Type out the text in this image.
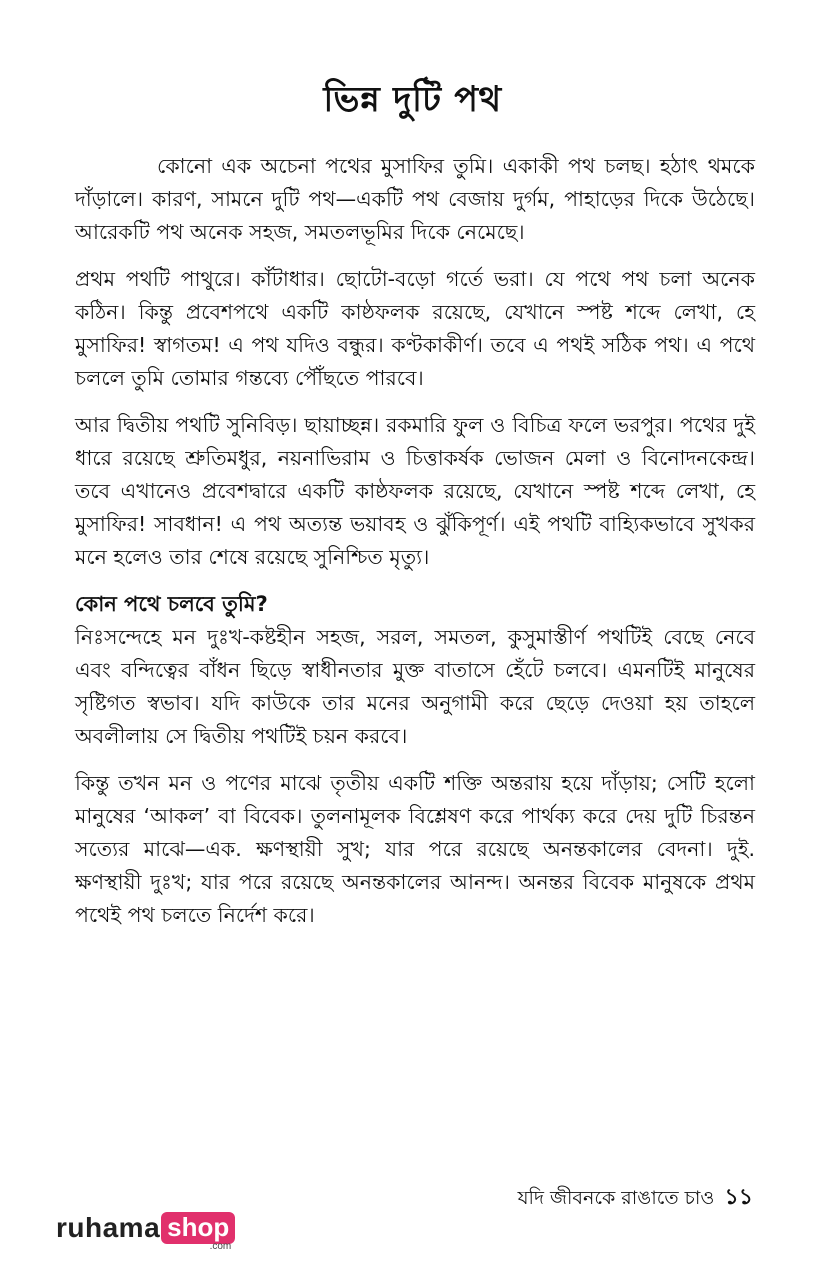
ভিন্ন দুটি পথ

কোনো এক অচেনা পথের মুসাফির তুমি। একাকী পথ চলছ। হঠাৎ থমকে দাঁড়ালে। কারণ, সামনে দুটি পথ—একটি পথ বেজায় দুর্গম, পাহাড়ের দিকে উঠেছে। আরেকটি পথ অনেক সহজ, সমতলভূমির দিকে নেমেছে।

প্রথম পথটি পাথুরে। কাঁটাধার। ছোটো-বড়ো গর্তে ভরা। যে পথে পথ চলা অনেক কঠিন। কিন্তু প্রবেশপথে একটি কাষ্ঠফলক রয়েছে, যেখানে স্পষ্ট শব্দে লেখা, হে মুসাফির! স্বাগতম! এ পথ যদিও বন্ধুর। কণ্টকাকীর্ণ। তবে এ পথই সঠিক পথ। এ পথে চললে তুমি তোমার গন্তব্যে পৌঁছতে পারবে।

আর দ্বিতীয় পথটি সুনিবিড়। ছায়াচ্ছন্ন। রকমারি ফুল ও বিচিত্র ফলে ভরপুর। পথের দুই ধারে রয়েছে শ্রুতিমধুর, নয়নাভিরাম ও চিত্তাকর্ষক ভোজন মেলা ও বিনোদনকেন্দ্র। তবে এখানেও প্রবেশদ্বারে একটি কাষ্ঠফলক রয়েছে, যেখানে স্পষ্ট শব্দে লেখা, হে মুসাফির! সাবধান! এ পথ অত্যন্ত ভয়াবহ ও ঝুঁকিপূর্ণ। এই পথটি বাহ্যিকভাবে সুখকর মনে হলেও তার শেষে রয়েছে সুনিশ্চিত মৃত্যু।

কোন পথে চলবে তুমি?

নিঃসন্দেহে মন দুঃখ-কষ্টহীন সহজ, সরল, সমতল, কুসুমাস্তীর্ণ পথটিই বেছে নেবে এবং বন্দিত্বের বাঁধন ছিড়ে স্বাধীনতার মুক্ত বাতাসে হেঁটে চলবে। এমনটিই মানুষের সৃষ্টিগত স্বভাব। যদি কাউকে তার মনের অনুগামী করে ছেড়ে দেওয়া হয় তাহলে অবলীলায় সে দ্বিতীয় পথটিই চয়ন করবে।

কিন্তু তখন মন ও পণের মাঝে তৃতীয় একটি শক্তি অন্তরায় হয়ে দাঁড়ায়; সেটি হলো মানুষের ‘আকল’ বা বিবেক। তুলনামূলক বিশ্লেষণ করে পার্থক্য করে দেয় দুটি চিরন্তন সত্যের মাঝে—এক. ক্ষণস্থায়ী সুখ; যার পরে রয়েছে অনন্তকালের বেদনা। দুই. ক্ষণস্থায়ী দুঃখ; যার পরে রয়েছে অনন্তকালের আনন্দ। অনন্তর বিবেক মানুষকে প্রথম পথেই পথ চলতে নির্দেশ করে।

যদি জীবনকে রাঙাতে চাও ১১
ruhama shop
.com
